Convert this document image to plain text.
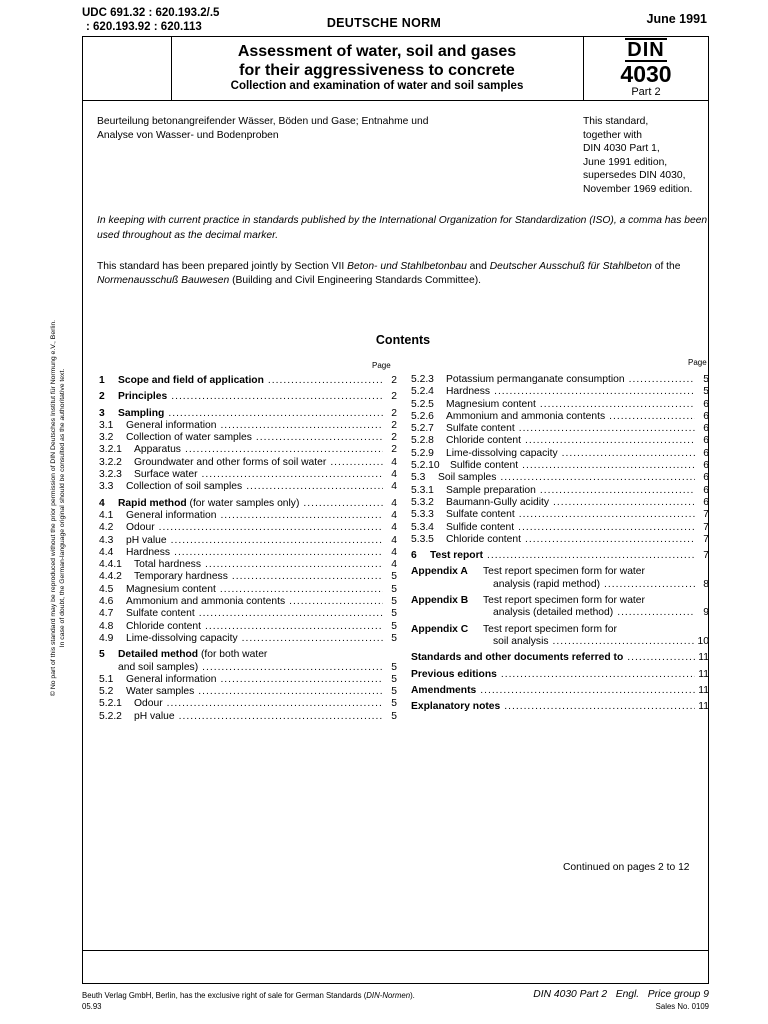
UDC 691.32 : 620.193.2/.5
: 620.193.92 : 620.113	DEUTSCHE NORM	June 1991
Assessment of water, soil and gases
for their aggressiveness to concrete
Collection and examination of water and soil samples
DIN
4030
Part 2
Beurteilung betonangreifender Wässer, Böden und Gase; Entnahme und
Analyse von Wasser- und Bodenproben
This standard,
together with
DIN 4030 Part 1,
June 1991 edition,
supersedes DIN 4030,
November 1969 edition.
In keeping with current practice in standards published by the International Organization for Standardization (ISO), a comma has been used throughout as the decimal marker.
This standard has been prepared jointly by Section VII Beton- und Stahlbetonbau and Deutscher Ausschuß für Stahlbeton of the Normenausschuß Bauwesen (Building and Civil Engineering Standards Committee).
Contents
Page	Page
1	Scope and field of application .....	2
2	Principles .....	2
3	Sampling .....	2
3.1	General information .....	2
3.2	Collection of water samples .....	2
3.2.1	Apparatus .....	2
3.2.2	Groundwater and other forms of soil water .....	4
3.2.3	Surface water .....	4
3.3	Collection of soil samples .....	4
4	Rapid method (for water samples only) .....	4
4.1	General information .....	4
4.2	Odour .....	4
4.3	pH value .....	4
4.4	Hardness .....	4
4.4.1	Total hardness .....	4
4.4.2	Temporary hardness .....	5
4.5	Magnesium content .....	5
4.6	Ammonium and ammonia contents .....	5
4.7	Sulfate content .....	5
4.8	Chloride content .....	5
4.9	Lime-dissolving capacity .....	5
5	Detailed method (for both water
and soil samples) .....	5
5.1	General information .....	5
5.2	Water samples .....	5
5.2.1	Odour .....	5
5.2.2	pH value .....	5
5.2.3	Potassium permanganate consumption .....	5
5.2.4	Hardness .....	5
5.2.5	Magnesium content .....	6
5.2.6	Ammonium and ammonia contents .....	6
5.2.7	Sulfate content .....	6
5.2.8	Chloride content .....	6
5.2.9	Lime-dissolving capacity .....	6
5.2.10	Sulfide content .....	6
5.3	Soil samples .....	6
5.3.1	Sample preparation .....	6
5.3.2	Baumann-Gully acidity .....	6
5.3.3	Sulfate content .....	7
5.3.4	Sulfide content .....	7
5.3.5	Chloride content .....	7
6	Test report .....	7
Appendix A	Test report specimen form for water
analysis (rapid method) .....	8
Appendix B	Test report specimen form for water
analysis (detailed method) .....	9
Appendix C	Test report specimen form for
soil analysis .....	10
Standards and other documents referred to .....	11
Previous editions .....	11
Amendments .....	11
Explanatory notes .....	11
Continued on pages 2 to 12
Beuth Verlag GmbH, Berlin, has the exclusive right of sale for German Standards (DIN-Normen).
05.93
DIN 4030 Part 2   Engl.   Price group 9
Sales No. 0109
© No part of this standard may be reproduced without the prior permission of DIN Deutsches Institut für Normung e.V., Berlin. In case of doubt, the German-language original should be consulted as the authoritative text.
